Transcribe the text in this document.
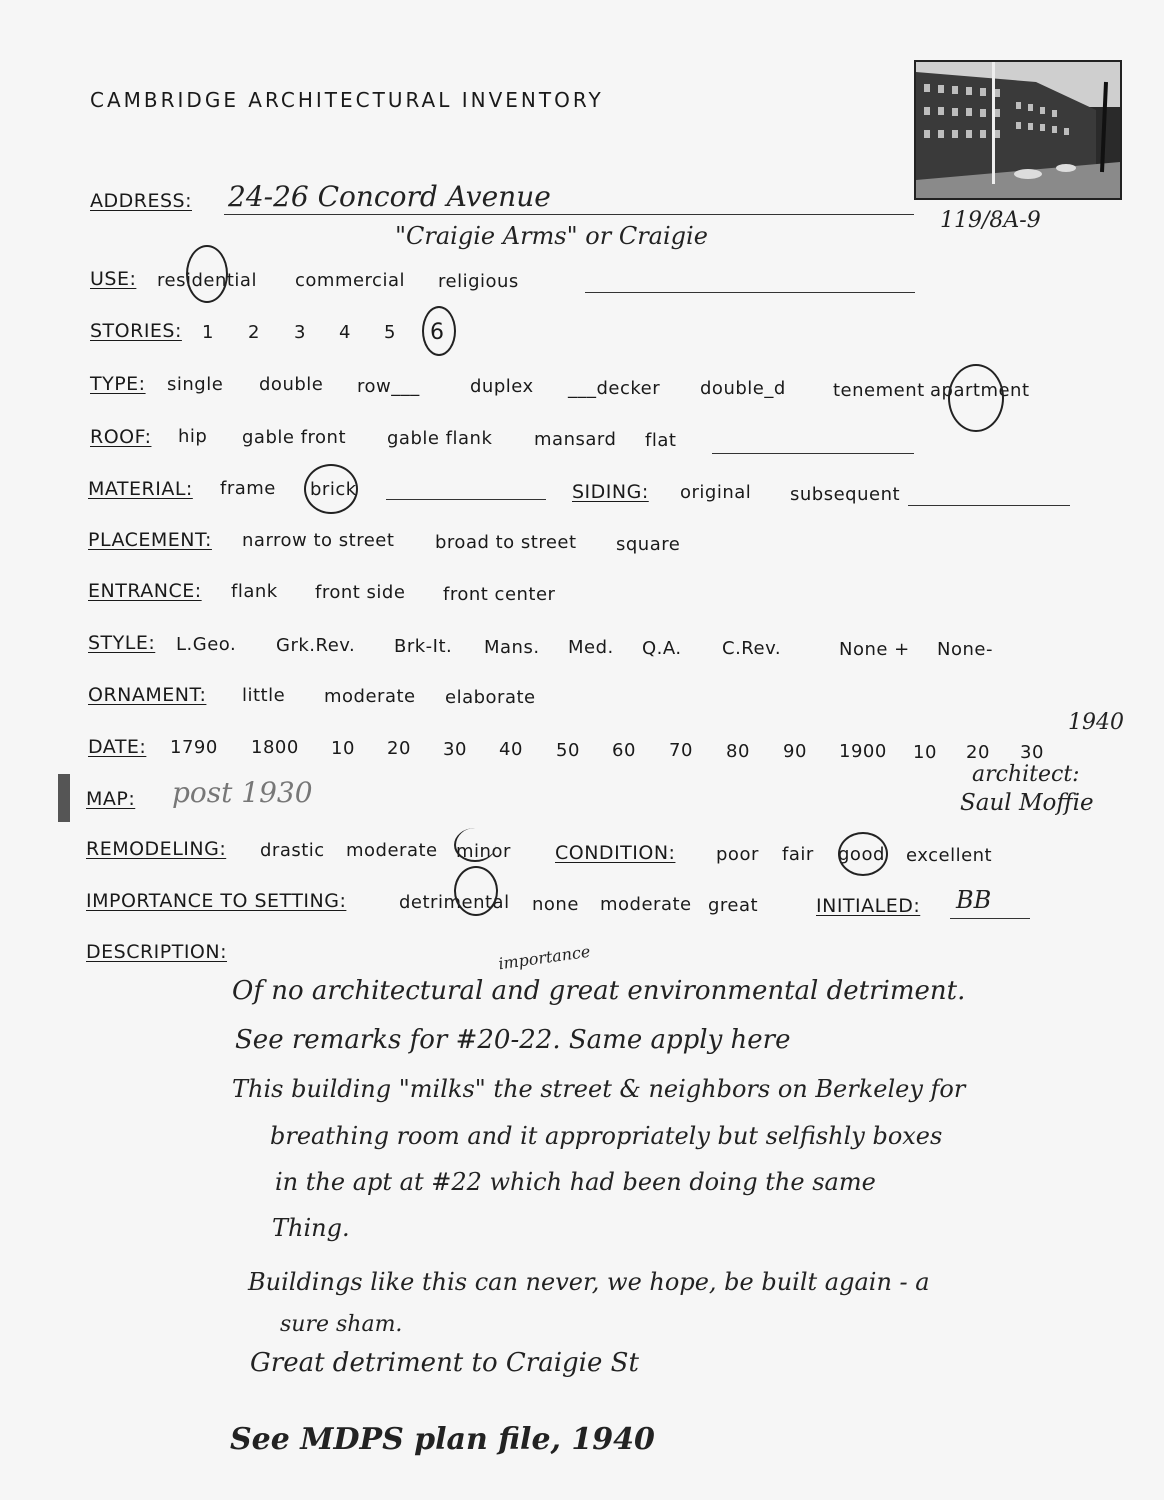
CAMBRIDGE ARCHITECTURAL INVENTORY
ADDRESS: 24-26 Concord Avenue
"Craigie Arms" or Craigie
119/8A-9
USE: residential commercial religious
STORIES: 1 2 3 4 5 6
TYPE: single double row___	duplex ___decker double_d	tenement apartment
ROOF: hip gable front gable flank mansard flat
MATERIAL: frame brick	SIDING: original subsequent
PLACEMENT: narrow to street broad to street square
ENTRANCE: flank front side front center
STYLE: L.Geo. Grk.Rev. Brk-It. Mans. Med. Q.A. C.Rev.	None + None-
ORNAMENT: little moderate elaborate
DATE: 1790 1800 10 20 30 40 50 60 70 80 90 1900 10 20 30
1940
MAP: post 1930
architect:
Saul Moffie
REMODELING: drastic moderate minor CONDITION: poor fair good excellent
IMPORTANCE TO SETTING:	detrimental none moderate great	INITIALED: BB
DESCRIPTION:	importance
Of no architectural and great environmental detriment.
See remarks for #20-22. Same apply here
This building "milks" the street & neighbors on Berkeley for
breathing room and it appropriately but selfishly boxes
in the apt at #22 which had been doing the same
Thing.
Buildings like this can never, we hope, be built again - a
sure sham.
Great detriment to Craigie St
See MDPS plan file, 1940
